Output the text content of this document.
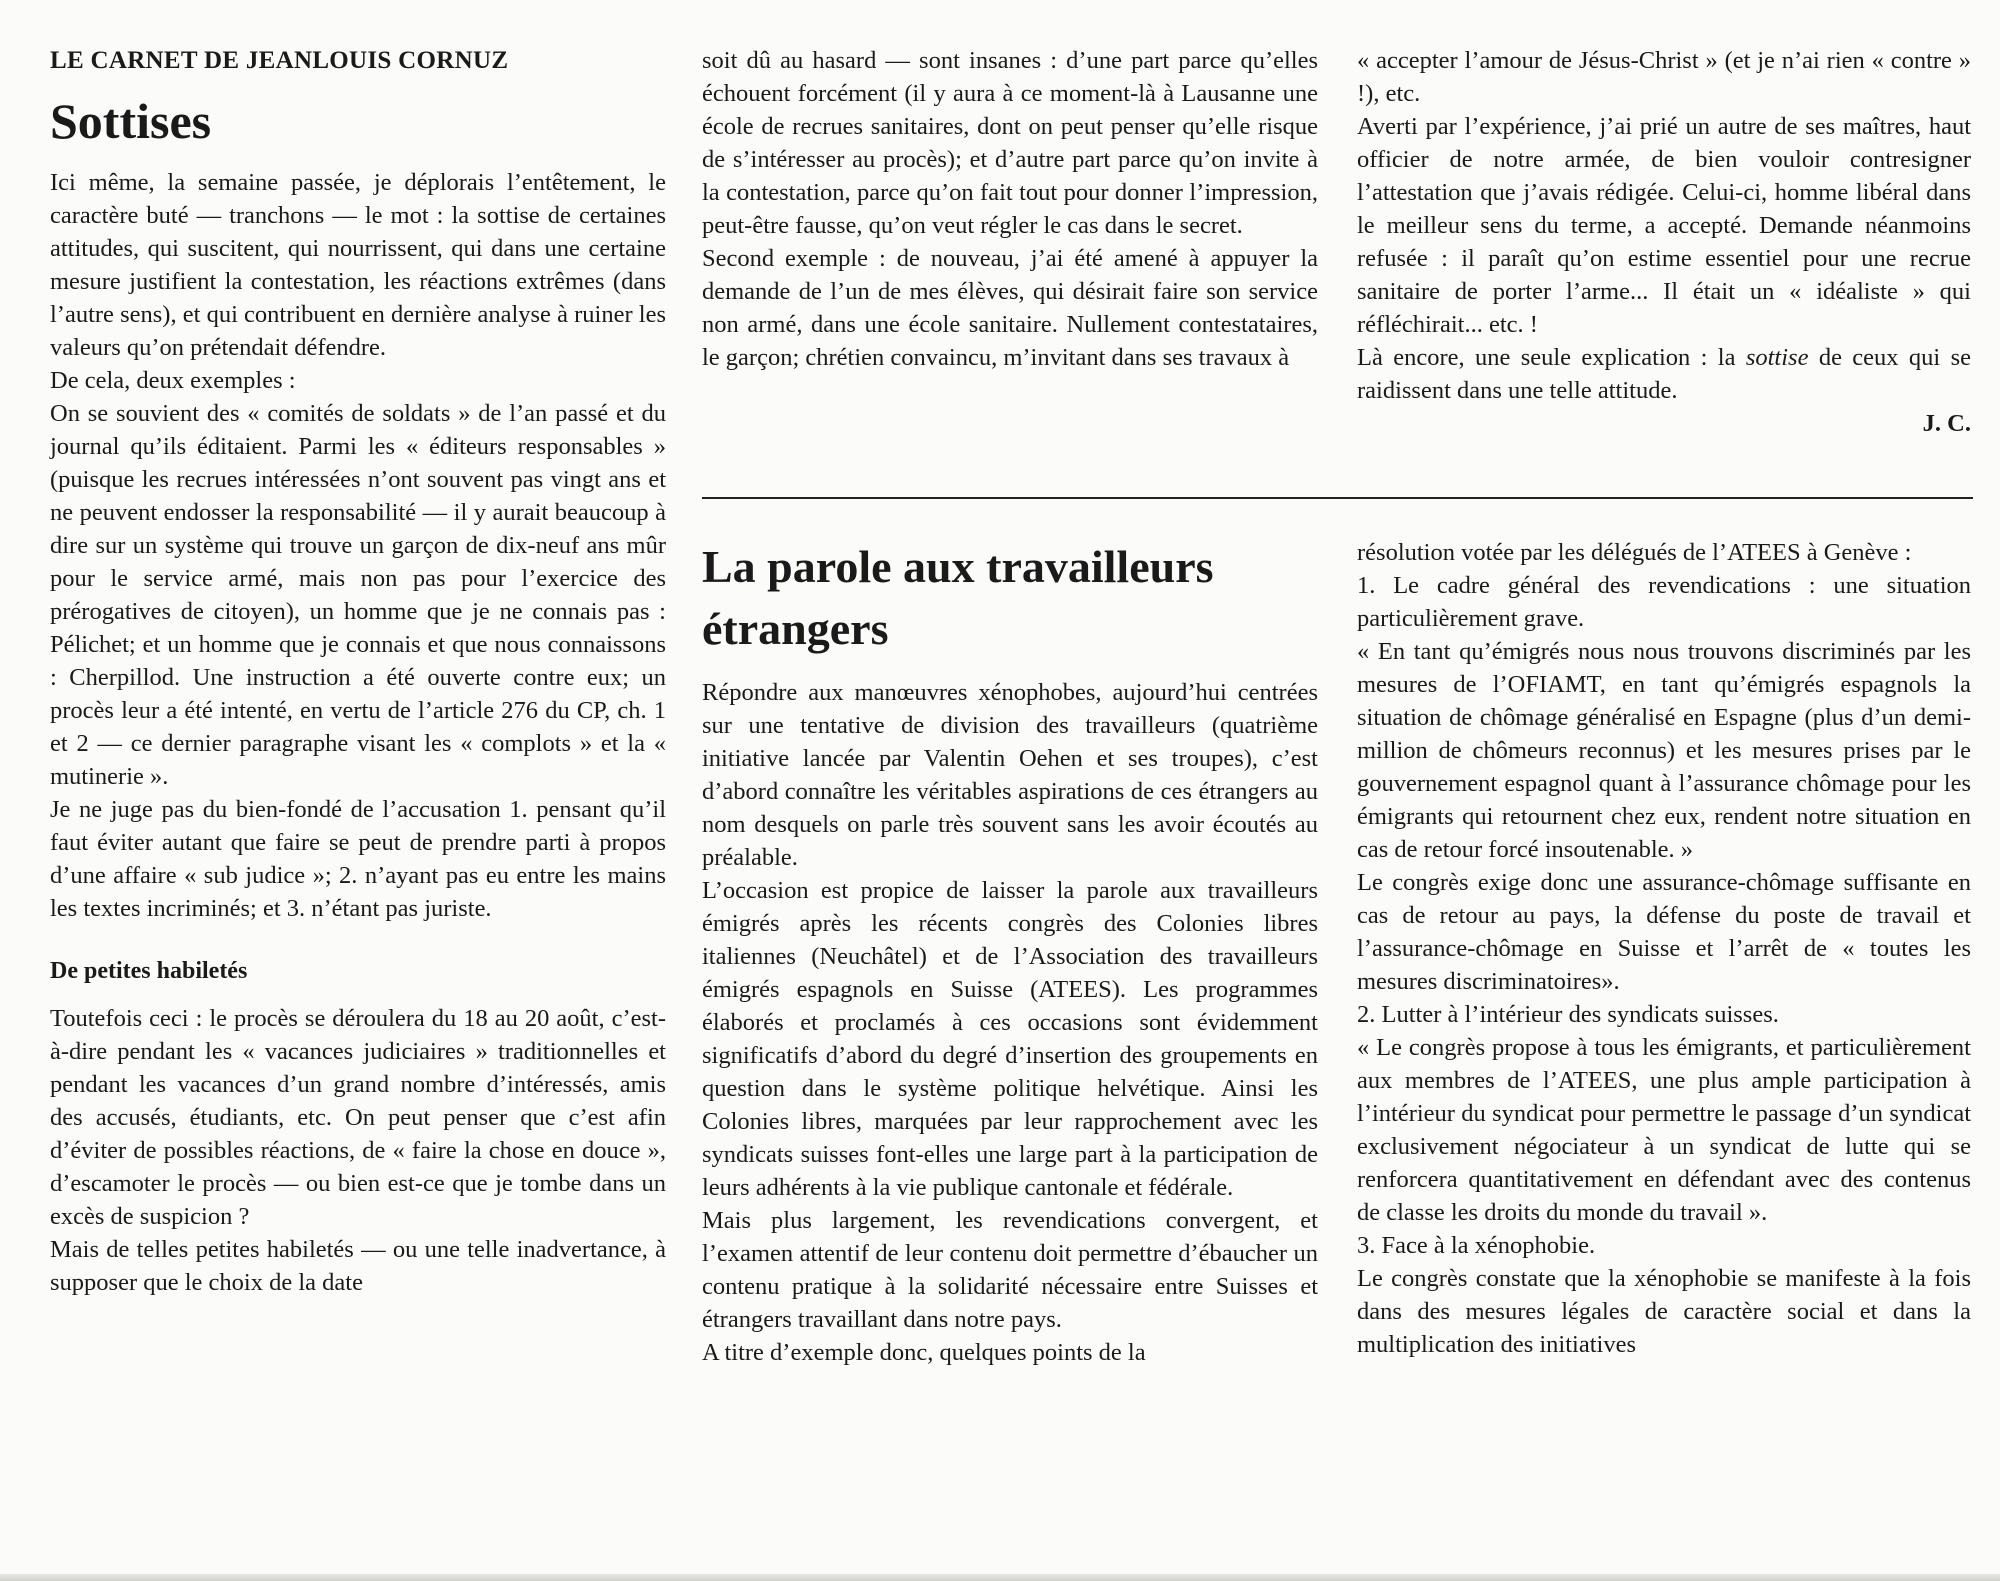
LE CARNET DE JEANLOUIS CORNUZ
Sottises

Ici même, la semaine passée, je déplorais l’entêtement, le caractère buté — tranchons — le mot : la sottise de certaines attitudes, qui suscitent, qui nourrissent, qui dans une certaine mesure justifient la contestation, les réactions extrêmes (dans l’autre sens), et qui contribuent en dernière analyse à ruiner les valeurs qu’on prétendait défendre.

De cela, deux exemples :

On se souvient des « comités de soldats » de l’an passé et du journal qu’ils éditaient. Parmi les « éditeurs responsables » (puisque les recrues intéressées n’ont souvent pas vingt ans et ne peuvent endosser la responsabilité — il y aurait beaucoup à dire sur un système qui trouve un garçon de dix-neuf ans mûr pour le service armé, mais non pas pour l’exercice des prérogatives de citoyen), un homme que je ne connais pas : Pélichet; et un homme que je connais et que nous connaissons : Cherpillod. Une instruction a été ouverte contre eux; un procès leur a été intenté, en vertu de l’article 276 du CP, ch. 1 et 2 — ce dernier paragraphe visant les « complots » et la « mutinerie ».

Je ne juge pas du bien-fondé de l’accusation 1. pensant qu’il faut éviter autant que faire se peut de prendre parti à propos d’une affaire « sub judice »; 2. n’ayant pas eu entre les mains les textes incriminés; et 3. n’étant pas juriste.

De petites habiletés

Toutefois ceci : le procès se déroulera du 18 au 20 août, c’est-à-dire pendant les « vacances judiciaires » traditionnelles et pendant les vacances d’un grand nombre d’intéressés, amis des accusés, étudiants, etc. On peut penser que c’est afin d’éviter de possibles réactions, de « faire la chose en douce », d’escamoter le procès — ou bien est-ce que je tombe dans un excès de suspicion ?

Mais de telles petites habiletés — ou une telle inadvertance, à supposer que le choix de la date

soit dû au hasard — sont insanes : d’une part parce qu’elles échouent forcément (il y aura à ce moment-là à Lausanne une école de recrues sanitaires, dont on peut penser qu’elle risque de s’intéresser au procès); et d’autre part parce qu’on invite à la contestation, parce qu’on fait tout pour donner l’impression, peut-être fausse, qu’on veut régler le cas dans le secret.

Second exemple : de nouveau, j’ai été amené à appuyer la demande de l’un de mes élèves, qui désirait faire son service non armé, dans une école sanitaire. Nullement contestataires, le garçon; chrétien convaincu, m’invitant dans ses travaux à

« accepter l’amour de Jésus-Christ » (et je n’ai rien « contre » !), etc.

Averti par l’expérience, j’ai prié un autre de ses maîtres, haut officier de notre armée, de bien vouloir contresigner l’attestation que j’avais rédigée. Celui-ci, homme libéral dans le meilleur sens du terme, a accepté. Demande néanmoins refusée : il paraît qu’on estime essentiel pour une recrue sanitaire de porter l’arme... Il était un « idéaliste » qui réfléchirait... etc. !

Là encore, une seule explication : la sottise de ceux qui se raidissent dans une telle attitude.

J. C.

La parole aux travailleurs
étrangers

Répondre aux manœuvres xénophobes, aujourd’hui centrées sur une tentative de division des travailleurs (quatrième initiative lancée par Valentin Oehen et ses troupes), c’est d’abord connaître les véritables aspirations de ces étrangers au nom desquels on parle très souvent sans les avoir écoutés au préalable.

L’occasion est propice de laisser la parole aux travailleurs émigrés après les récents congrès des Colonies libres italiennes (Neuchâtel) et de l’Association des travailleurs émigrés espagnols en Suisse (ATEES). Les programmes élaborés et proclamés à ces occasions sont évidemment significatifs d’abord du degré d’insertion des groupements en question dans le système politique helvétique. Ainsi les Colonies libres, marquées par leur rapprochement avec les syndicats suisses font-elles une large part à la participation de leurs adhérents à la vie publique cantonale et fédérale.

Mais plus largement, les revendications convergent, et l’examen attentif de leur contenu doit permettre d’ébaucher un contenu pratique à la solidarité nécessaire entre Suisses et étrangers travaillant dans notre pays.

A titre d’exemple donc, quelques points de la

résolution votée par les délégués de l’ATEES à Genève :

1. Le cadre général des revendications : une situation particulièrement grave.

« En tant qu’émigrés nous nous trouvons discriminés par les mesures de l’OFIAMT, en tant qu’émigrés espagnols la situation de chômage généralisé en Espagne (plus d’un demi-million de chômeurs reconnus) et les mesures prises par le gouvernement espagnol quant à l’assurance chômage pour les émigrants qui retournent chez eux, rendent notre situation en cas de retour forcé insoutenable. »

Le congrès exige donc une assurance-chômage suffisante en cas de retour au pays, la défense du poste de travail et l’assurance-chômage en Suisse et l’arrêt de « toutes les mesures discriminatoires».

2. Lutter à l’intérieur des syndicats suisses.

« Le congrès propose à tous les émigrants, et particulièrement aux membres de l’ATEES, une plus ample participation à l’intérieur du syndicat pour permettre le passage d’un syndicat exclusivement négociateur à un syndicat de lutte qui se renforcera quantitativement en défendant avec des contenus de classe les droits du monde du travail ».

3. Face à la xénophobie.

Le congrès constate que la xénophobie se manifeste à la fois dans des mesures légales de caractère social et dans la multiplication des initiatives
